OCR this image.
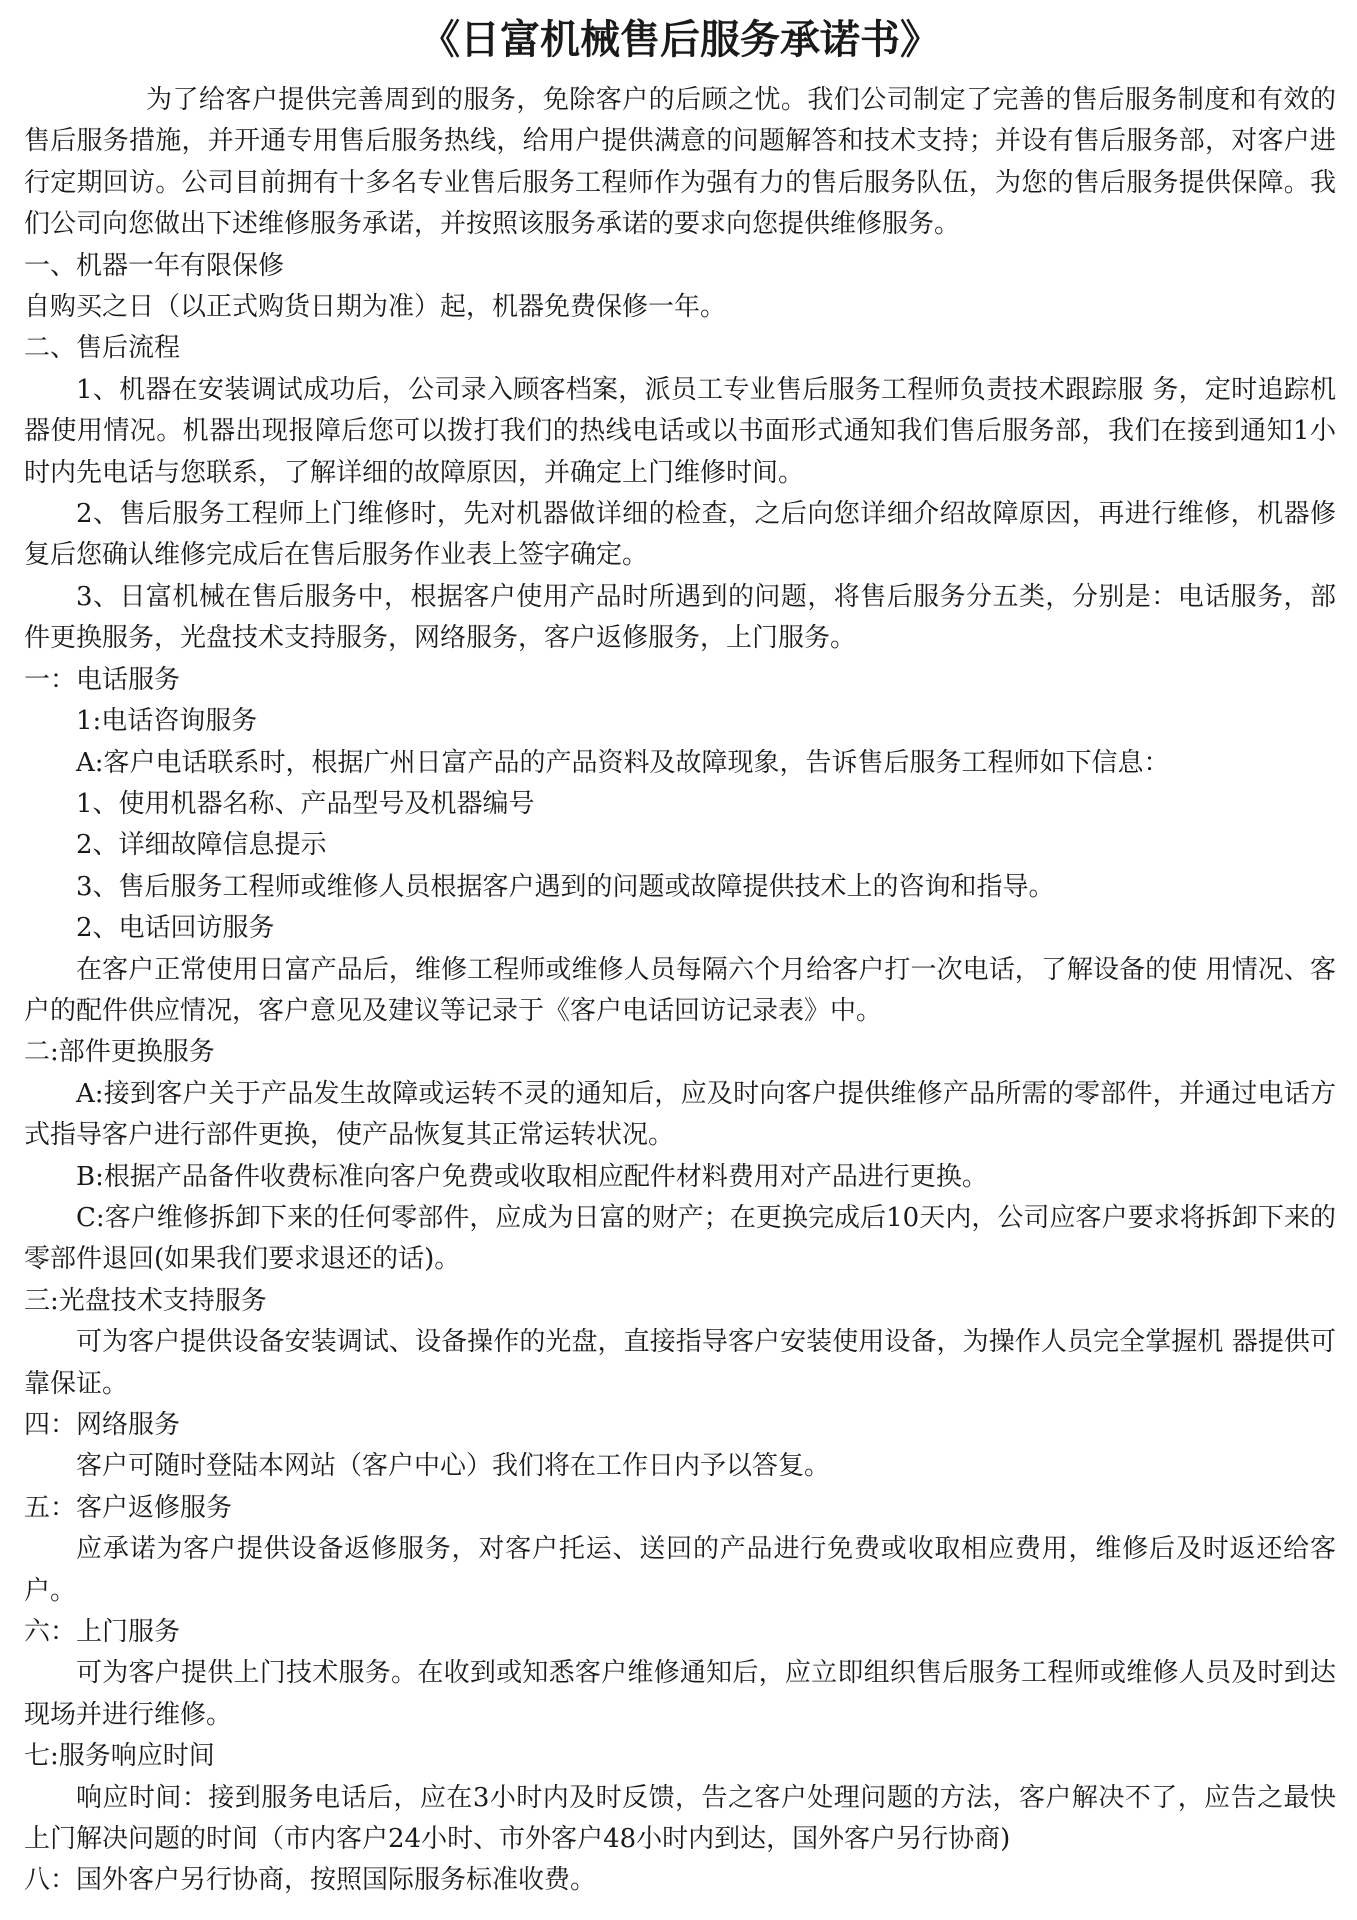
《日富机械售后服务承诺书》

为了给客户提供完善周到的服务，免除客户的后顾之忧。我们公司制定了完善的售后服务制度和有效的售后服务措施，并开通专用售后服务热线，给用户提供满意的问题解答和技术支持；并设有售后服务部，对客户进行定期回访。公司目前拥有十多名专业售后服务工程师作为强有力的售后服务队伍，为您的售后服务提供保障。我们公司向您做出下述维修服务承诺，并按照该服务承诺的要求向您提供维修服务。

一、机器一年有限保修

自购买之日（以正式购货日期为准）起，机器免费保修一年。

二、售后流程

1、机器在安装调试成功后，公司录入顾客档案，派员工专业售后服务工程师负责技术跟踪服 务，定时追踪机器使用情况。机器出现报障后您可以拨打我们的热线电话或以书面形式通知我们售后服务部，我们在接到通知1小时内先电话与您联系，了解详细的故障原因，并确定上门维修时间。

2、售后服务工程师上门维修时，先对机器做详细的检查，之后向您详细介绍故障原因，再进行维修，机器修复后您确认维修完成后在售后服务作业表上签字确定。

3、日富机械在售后服务中，根据客户使用产品时所遇到的问题，将售后服务分五类，分别是：电话服务，部件更换服务，光盘技术支持服务，网络服务，客户返修服务，上门服务。

一：电话服务

1:电话咨询服务

A:客户电话联系时，根据广州日富产品的产品资料及故障现象，告诉售后服务工程师如下信息：

1、使用机器名称、产品型号及机器编号

2、详细故障信息提示

3、售后服务工程师或维修人员根据客户遇到的问题或故障提供技术上的咨询和指导。

2、电话回访服务

在客户正常使用日富产品后，维修工程师或维修人员每隔六个月给客户打一次电话，了解设备的使 用情况、客户的配件供应情况，客户意见及建议等记录于《客户电话回访记录表》中。

二:部件更换服务

A:接到客户关于产品发生故障或运转不灵的通知后，应及时向客户提供维修产品所需的零部件，并通过电话方式指导客户进行部件更换，使产品恢复其正常运转状况。

B:根据产品备件收费标准向客户免费或收取相应配件材料费用对产品进行更换。

C:客户维修拆卸下来的任何零部件，应成为日富的财产；在更换完成后10天内，公司应客户要求将拆卸下来的零部件退回(如果我们要求退还的话)。

三:光盘技术支持服务

可为客户提供设备安装调试、设备操作的光盘，直接指导客户安装使用设备，为操作人员完全掌握机 器提供可靠保证。

四：网络服务

客户可随时登陆本网站（客户中心）我们将在工作日内予以答复。

五：客户返修服务

应承诺为客户提供设备返修服务，对客户托运、送回的产品进行免费或收取相应费用，维修后及时返还给客户。

六：上门服务

可为客户提供上门技术服务。在收到或知悉客户维修通知后，应立即组织售后服务工程师或维修人员及时到达现场并进行维修。

七:服务响应时间

响应时间：接到服务电话后，应在3小时内及时反馈，告之客户处理问题的方法，客户解决不了，应告之最快上门解决问题的时间（市内客户24小时、市外客户48小时内到达，国外客户另行协商)

八：国外客户另行协商，按照国际服务标准收费。
